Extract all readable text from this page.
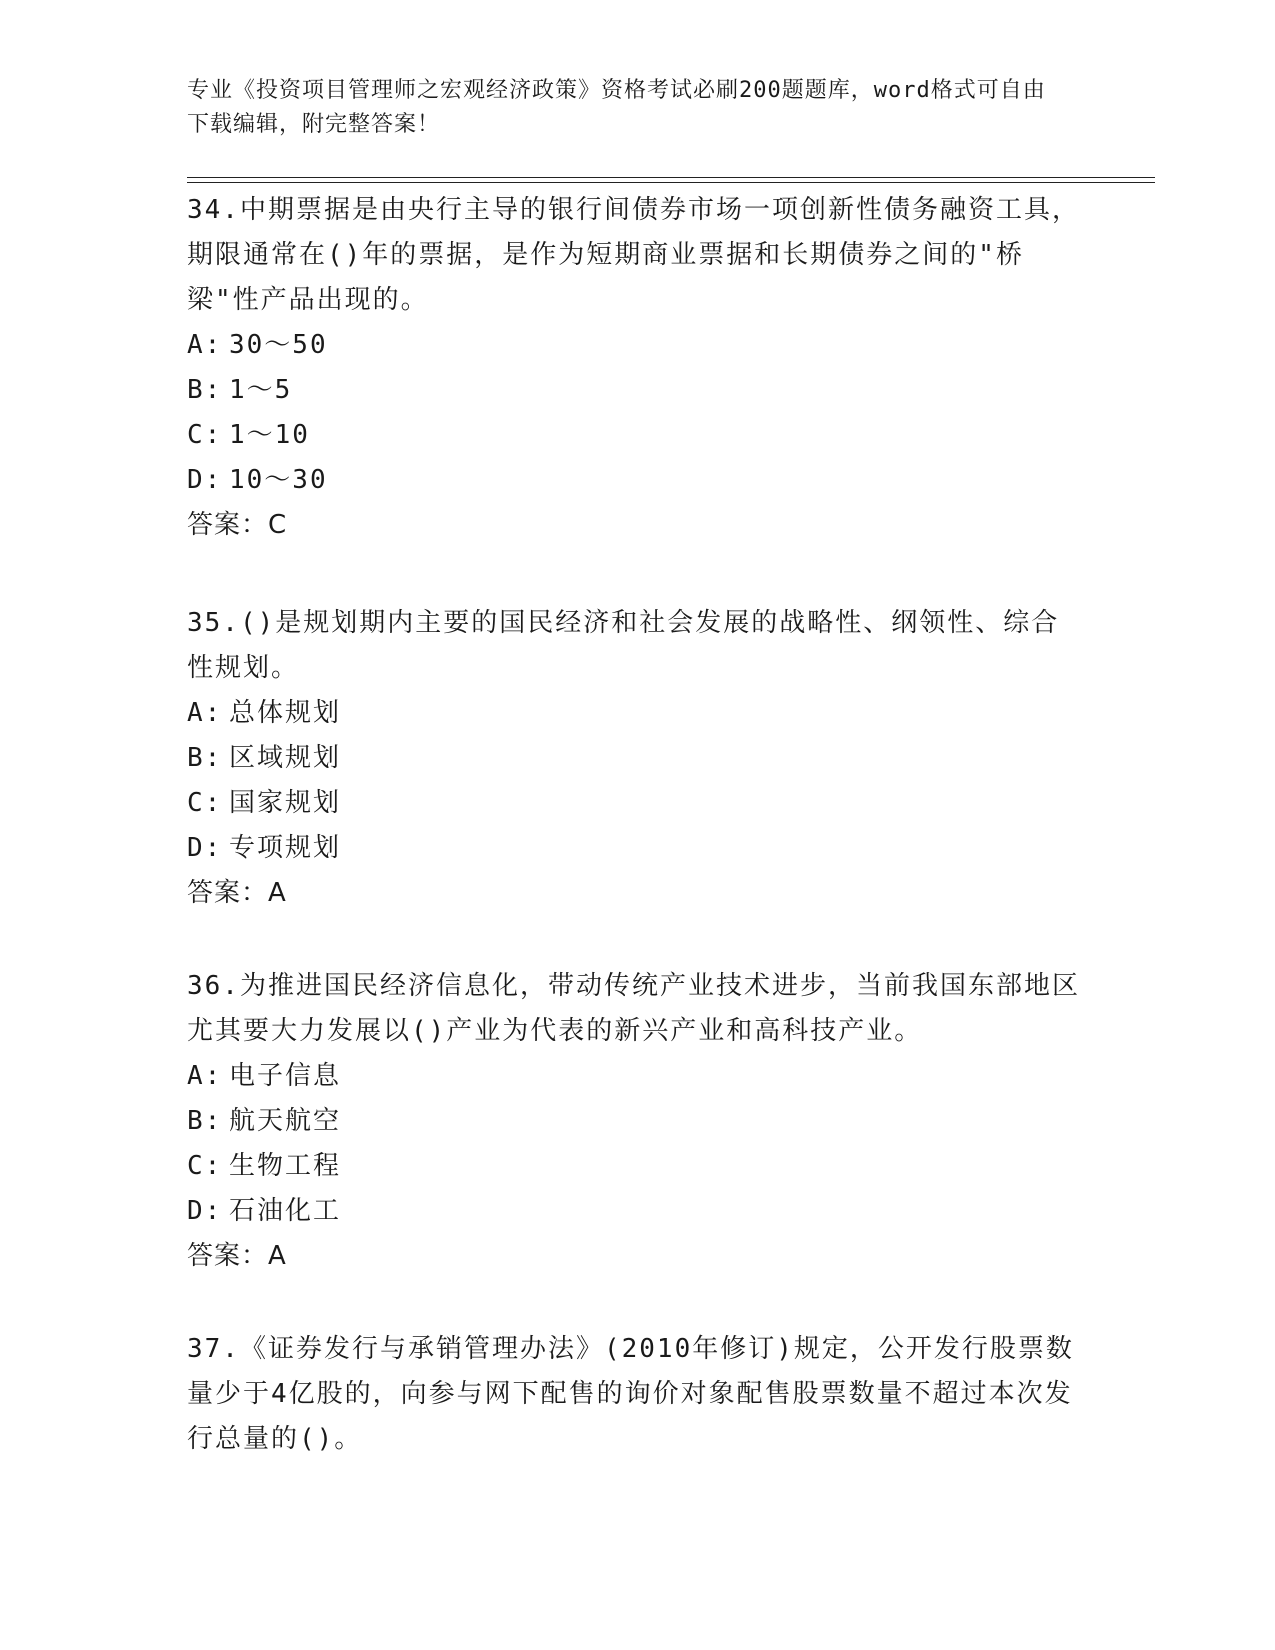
专业《投资项目管理师之宏观经济政策》资格考试必刷200题题库，word格式可自由下载编辑，附完整答案！

34.中期票据是由央行主导的银行间债券市场一项创新性债务融资工具，期限通常在()年的票据，是作为短期商业票据和长期债券之间的"桥梁"性产品出现的。

A: 30～50

B: 1～5

C: 1～10

D: 10～30

答案：C

35.()是规划期内主要的国民经济和社会发展的战略性、纲领性、综合性规划。

A: 总体规划

B: 区域规划

C: 国家规划

D: 专项规划

答案：A

36.为推进国民经济信息化，带动传统产业技术进步，当前我国东部地区尤其要大力发展以()产业为代表的新兴产业和高科技产业。

A: 电子信息

B: 航天航空

C: 生物工程

D: 石油化工

答案：A

37.《证券发行与承销管理办法》(2010年修订)规定，公开发行股票数量少于4亿股的，向参与网下配售的询价对象配售股票数量不超过本次发行总量的()。
